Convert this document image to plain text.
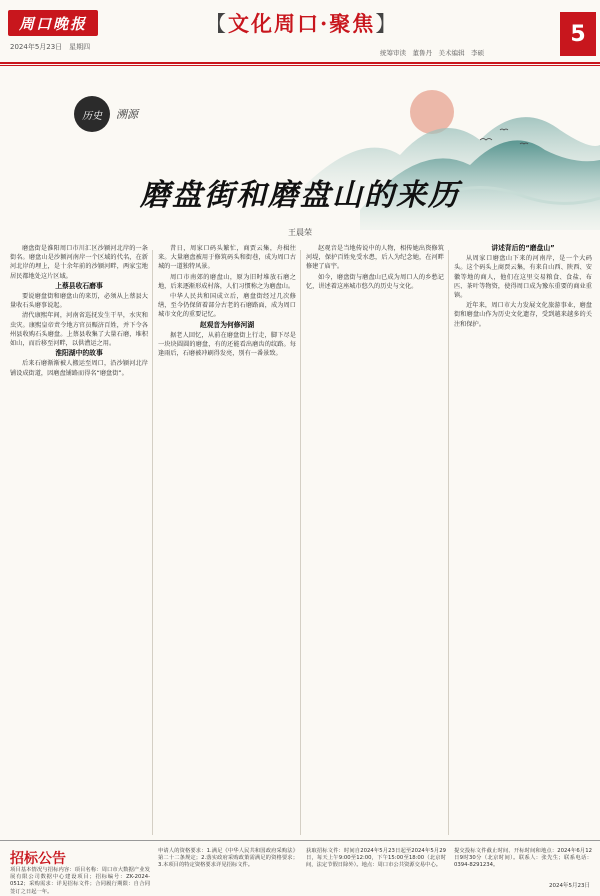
周口晚报
2024年5月23日　星期四
【文化周口·聚焦】
统筹审读　董鲁丹　美术编辑　李硕
5
历史	溯源
磨盘街和磨盘山的来历
王晨荣

磨盘街是淮阳周口市川汇区沙颍河北岸的一条街名。磨盘山是沙颍河南岸一个区域的代名，在新河北岸的埋上，是十余年前的沙颍河畔，两家宝地居民都地处这片区域。

上蔡县收石磨事

要说磨盘街和磨盘山的来历，必须从上蔡县大量收石头磨事说起。

清代康熙年间，河南省巡抚发生干旱，水灾和虫灾。康熙皇帝责令地方官员赈济百姓，并下令各州县收购石头磨盘。上蔡县收集了大量石磨，堆积如山，而后移至河畔，以供漕运之用。

淮阳湖中的故事

后来石磨渐渐被人搬运至周口，沿沙颍河北岸铺设成街道，因磨盘铺路而得名“磨盘街”。

昔日，周家口码头繁忙，商贾云集，舟楫往来。大量磨盘被用于修筑码头和街巷，成为周口古城的一道独特风景。

周口市南郊的磨盘山，原为旧时堆放石磨之地，后来逐渐形成村落，人们习惯称之为磨盘山。

中华人民共和国成立后，磨盘街经过几次修缮，至今仍保留着部分古老的石磨路面，成为周口城市文化的重要记忆。

赵观音为何修河湖

据老人回忆，从前在磨盘街上行走，脚下尽是一块块圆圆的磨盘，有的还能看出磨齿的纹路。每逢雨后，石磨被冲刷得发亮，别有一番景致。

赵观音是当地传说中的人物，相传她出资修筑河堤，保护百姓免受水患，后人为纪念她，在河畔修建了庙宇。

如今，磨盘街与磨盘山已成为周口人的乡愁记忆，讲述着这座城市悠久的历史与文化。

讲述背后的“磨盘山”

从周家口磨盘山下来的河南岸，是一个大码头。这个码头上商贾云集，有来自山西、陕西、安徽等地的商人，他们在这里交易粮食、食盐、布匹、茶叶等物资，使得周口成为豫东重要的商业重镇。

近年来，周口市大力发展文化旅游事业，磨盘街和磨盘山作为历史文化遗存，受到越来越多的关注和保护。

招标公告

项目基本情况与招标内容：项目名称：周口市大数据产业发展有限公司数据中心建设项目；招标编号：ZK-2024-0512；采购需求：详见招标文件；合同履行期限：自合同签订之日起一年。

申请人的资格要求：1.满足《中华人民共和国政府采购法》第二十二条规定；2.落实政府采购政策需满足的资格要求；3.本项目的特定资格要求详见招标文件。

获取招标文件：时间自2024年5月23日起至2024年5月29日，每天上午9:00至12:00，下午15:00至18:00（北京时间，法定节假日除外）。地点：周口市公共资源交易中心。

提交投标文件截止时间、开标时间和地点：2024年6月12日9时30分（北京时间）。联系人：张先生；联系电话：0394-8291234。

2024年5月23日
